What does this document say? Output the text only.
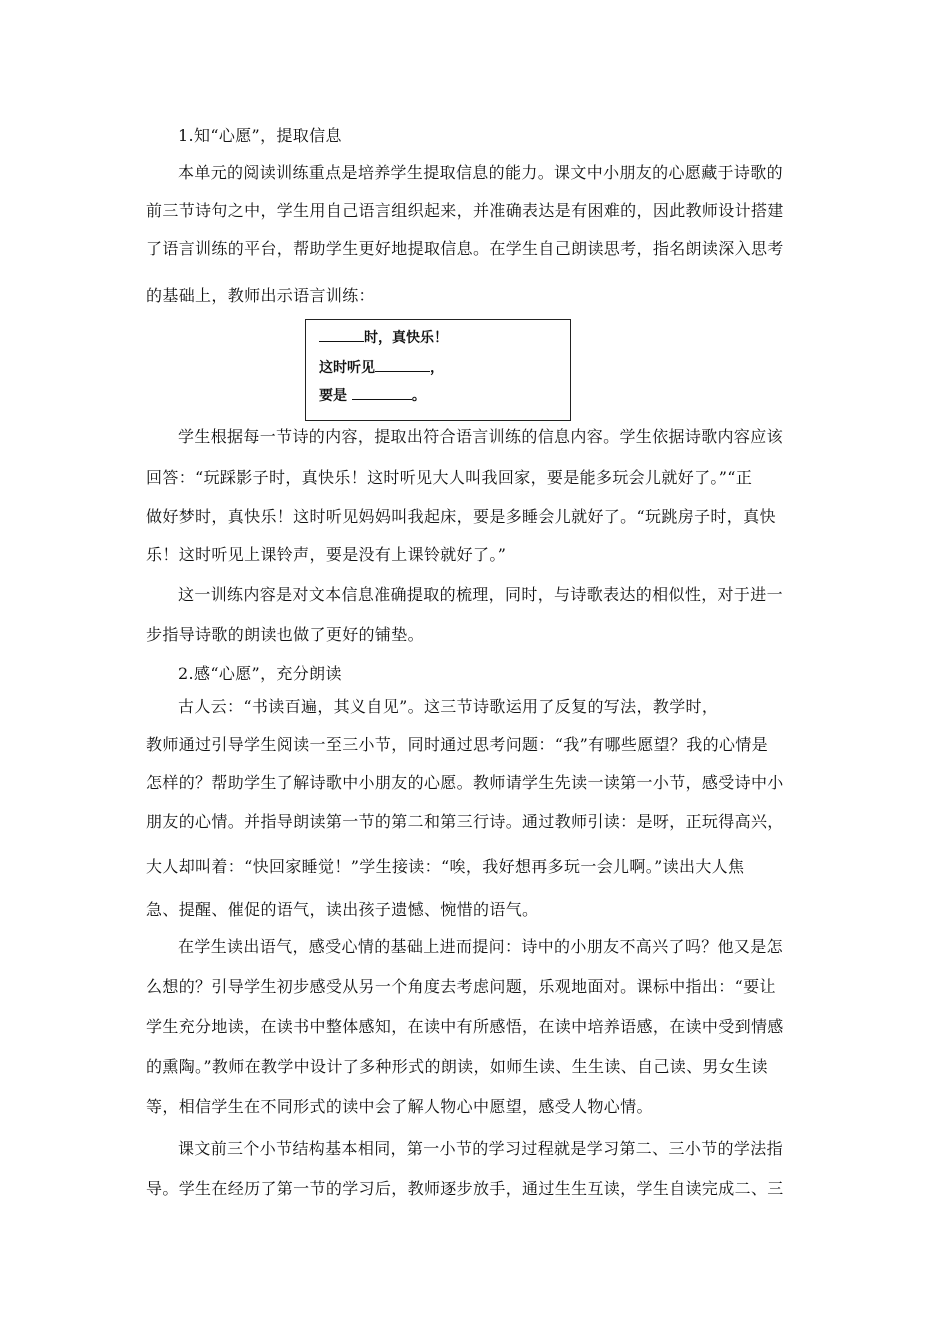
1.知“心愿”，提取信息
本单元的阅读训练重点是培养学生提取信息的能力。课文中小朋友的心愿藏于诗歌的
前三节诗句之中，学生用自己语言组织起来，并准确表达是有困难的，因此教师设计搭建
了语言训练的平台，帮助学生更好地提取信息。在学生自己朗读思考，指名朗读深入思考
的基础上，教师出示语言训练：
时，真快乐！
这时听见	，
要是	。
学生根据每一节诗的内容，提取出符合语言训练的信息内容。学生依据诗歌内容应该
回答：“玩踩影子时，真快乐！这时听见大人叫我回家，要是能多玩会儿就好了。”“正
做好梦时，真快乐！这时听见妈妈叫我起床，要是多睡会儿就好了。“玩跳房子时，真快
乐！这时听见上课铃声，要是没有上课铃就好了。”
这一训练内容是对文本信息准确提取的梳理，同时，与诗歌表达的相似性，对于进一
步指导诗歌的朗读也做了更好的铺垫。
2.感“心愿”，充分朗读
古人云：“书读百遍，其义自见”。这三节诗歌运用了反复的写法，教学时，
教师通过引导学生阅读一至三小节，同时通过思考问题：“我”有哪些愿望？我的心情是
怎样的？帮助学生了解诗歌中小朋友的心愿。教师请学生先读一读第一小节，感受诗中小
朋友的心情。并指导朗读第一节的第二和第三行诗。通过教师引读：是呀，正玩得高兴，
大人却叫着：“快回家睡觉！”学生接读：“唉，我好想再多玩一会儿啊。”读出大人焦
急、提醒、催促的语气，读出孩子遗憾、惋惜的语气。
在学生读出语气，感受心情的基础上进而提问：诗中的小朋友不高兴了吗？他又是怎
么想的？引导学生初步感受从另一个角度去考虑问题，乐观地面对。课标中指出：“要让
学生充分地读，在读书中整体感知，在读中有所感悟，在读中培养语感，在读中受到情感
的熏陶。”教师在教学中设计了多种形式的朗读，如师生读、生生读、自己读、男女生读
等，相信学生在不同形式的读中会了解人物心中愿望，感受人物心情。
课文前三个小节结构基本相同，第一小节的学习过程就是学习第二、三小节的学法指
导。学生在经历了第一节的学习后，教师逐步放手，通过生生互读，学生自读完成二、三
